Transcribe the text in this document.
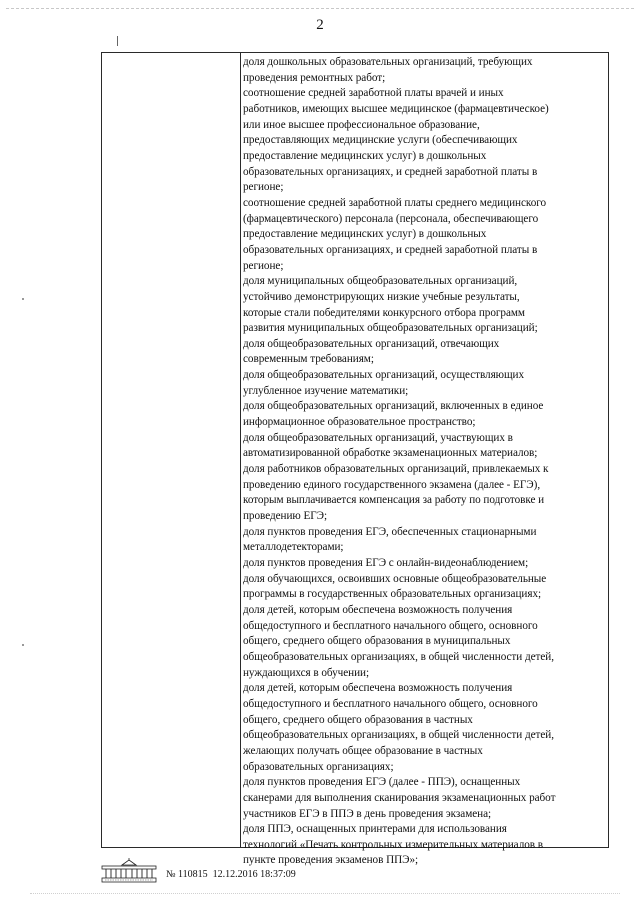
2
доля дошкольных образовательных организаций, требующих
проведения ремонтных работ;
соотношение средней заработной платы врачей и иных
работников, имеющих высшее медицинское (фармацевтическое)
или иное высшее профессиональное образование,
предоставляющих медицинские услуги (обеспечивающих
предоставление медицинских услуг) в дошкольных
образовательных организациях, и средней заработной платы в
регионе;
соотношение средней заработной платы среднего медицинского
(фармацевтического) персонала (персонала, обеспечивающего
предоставление медицинских услуг) в дошкольных
образовательных организациях, и средней заработной платы в
регионе;
доля муниципальных общеобразовательных организаций,
устойчиво демонстрирующих низкие учебные результаты,
которые стали победителями конкурсного отбора программ
развития муниципальных общеобразовательных организаций;
доля общеобразовательных организаций, отвечающих
современным требованиям;
доля общеобразовательных организаций, осуществляющих
углубленное изучение математики;
доля общеобразовательных организаций, включенных в единое
информационное образовательное пространство;
доля общеобразовательных организаций, участвующих в
автоматизированной обработке экзаменационных материалов;
доля работников образовательных организаций, привлекаемых к
проведению единого государственного экзамена (далее - ЕГЭ),
которым выплачивается компенсация за работу по подготовке и
проведению ЕГЭ;
доля пунктов проведения ЕГЭ, обеспеченных стационарными
металлодетекторами;
доля пунктов проведения ЕГЭ с онлайн-видеонаблюдением;
доля обучающихся, освоивших основные общеобразовательные
программы в государственных образовательных организациях;
доля детей, которым обеспечена возможность получения
общедоступного и бесплатного начального общего, основного
общего, среднего общего образования в муниципальных
общеобразовательных организациях, в общей численности детей,
нуждающихся в обучении;
доля детей, которым обеспечена возможность получения
общедоступного и бесплатного начального общего, основного
общего, среднего общего образования в частных
общеобразовательных организациях, в общей численности детей,
желающих получать общее образование в частных
образовательных организациях;
доля пунктов проведения ЕГЭ (далее - ППЭ), оснащенных
сканерами для выполнения сканирования экзаменационных работ
участников ЕГЭ в ППЭ в день проведения экзамена;
доля ППЭ, оснащенных принтерами для использования
технологий «Печать контрольных измерительных материалов в
пункте проведения экзаменов ППЭ»;
№ 110815 12.12.2016 18:37:09
